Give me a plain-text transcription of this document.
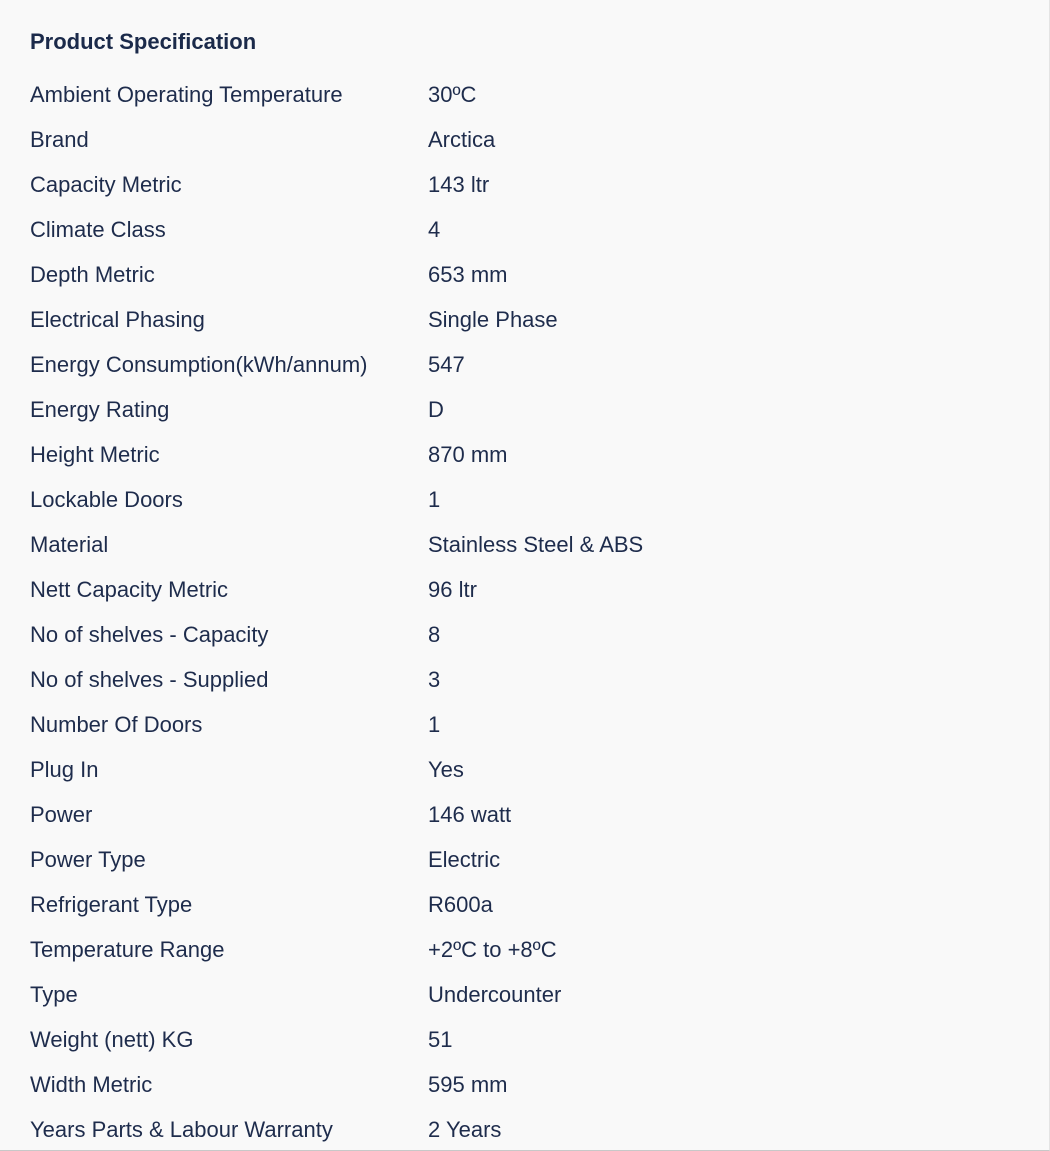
Product Specification
Ambient Operating Temperature	30ºC
Brand	Arctica
Capacity Metric	143 ltr
Climate Class	4
Depth Metric	653 mm
Electrical Phasing	Single Phase
Energy Consumption(kWh/annum)	547
Energy Rating	D
Height Metric	870 mm
Lockable Doors	1
Material	Stainless Steel & ABS
Nett Capacity Metric	96 ltr
No of shelves - Capacity	8
No of shelves - Supplied	3
Number Of Doors	1
Plug In	Yes
Power	146 watt
Power Type	Electric
Refrigerant Type	R600a
Temperature Range	+2ºC to +8ºC
Type	Undercounter
Weight (nett) KG	51
Width Metric	595 mm
Years Parts & Labour Warranty	2 Years
